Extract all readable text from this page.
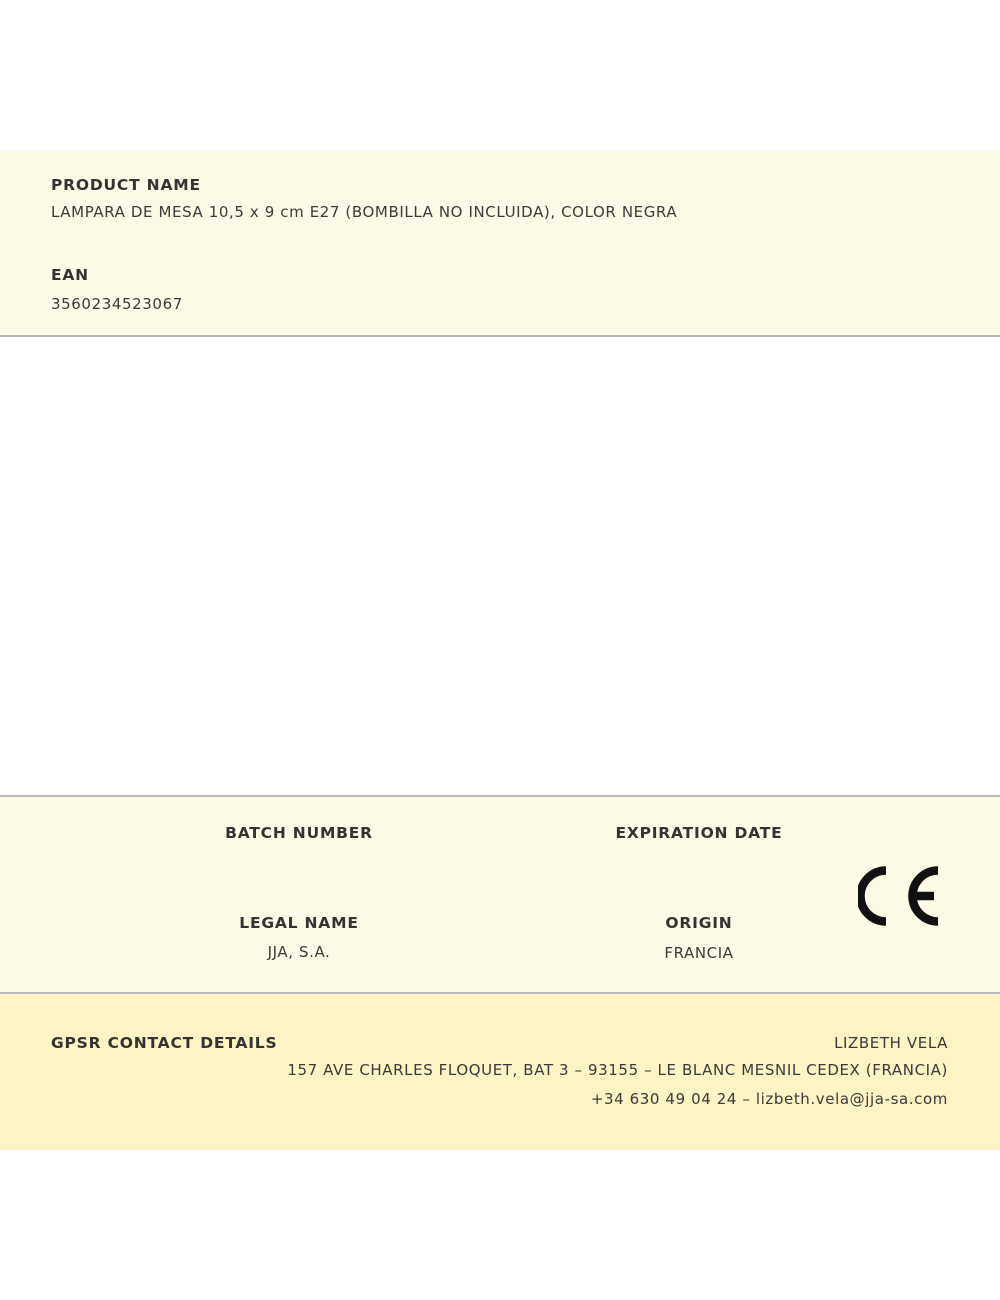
PRODUCT NAME
LAMPARA DE MESA 10,5 x 9 cm E27 (BOMBILLA NO INCLUIDA), COLOR NEGRA
EAN
3560234523067
BATCH NUMBER	EXPIRATION DATE
LEGAL NAME
JJA, S.A.
ORIGIN
FRANCIA
GPSR CONTACT DETAILS	LIZBETH VELA
157 AVE CHARLES FLOQUET, BAT 3 – 93155 – LE BLANC MESNIL CEDEX (FRANCIA)
+34 630 49 04 24 – lizbeth.vela@jja-sa.com
